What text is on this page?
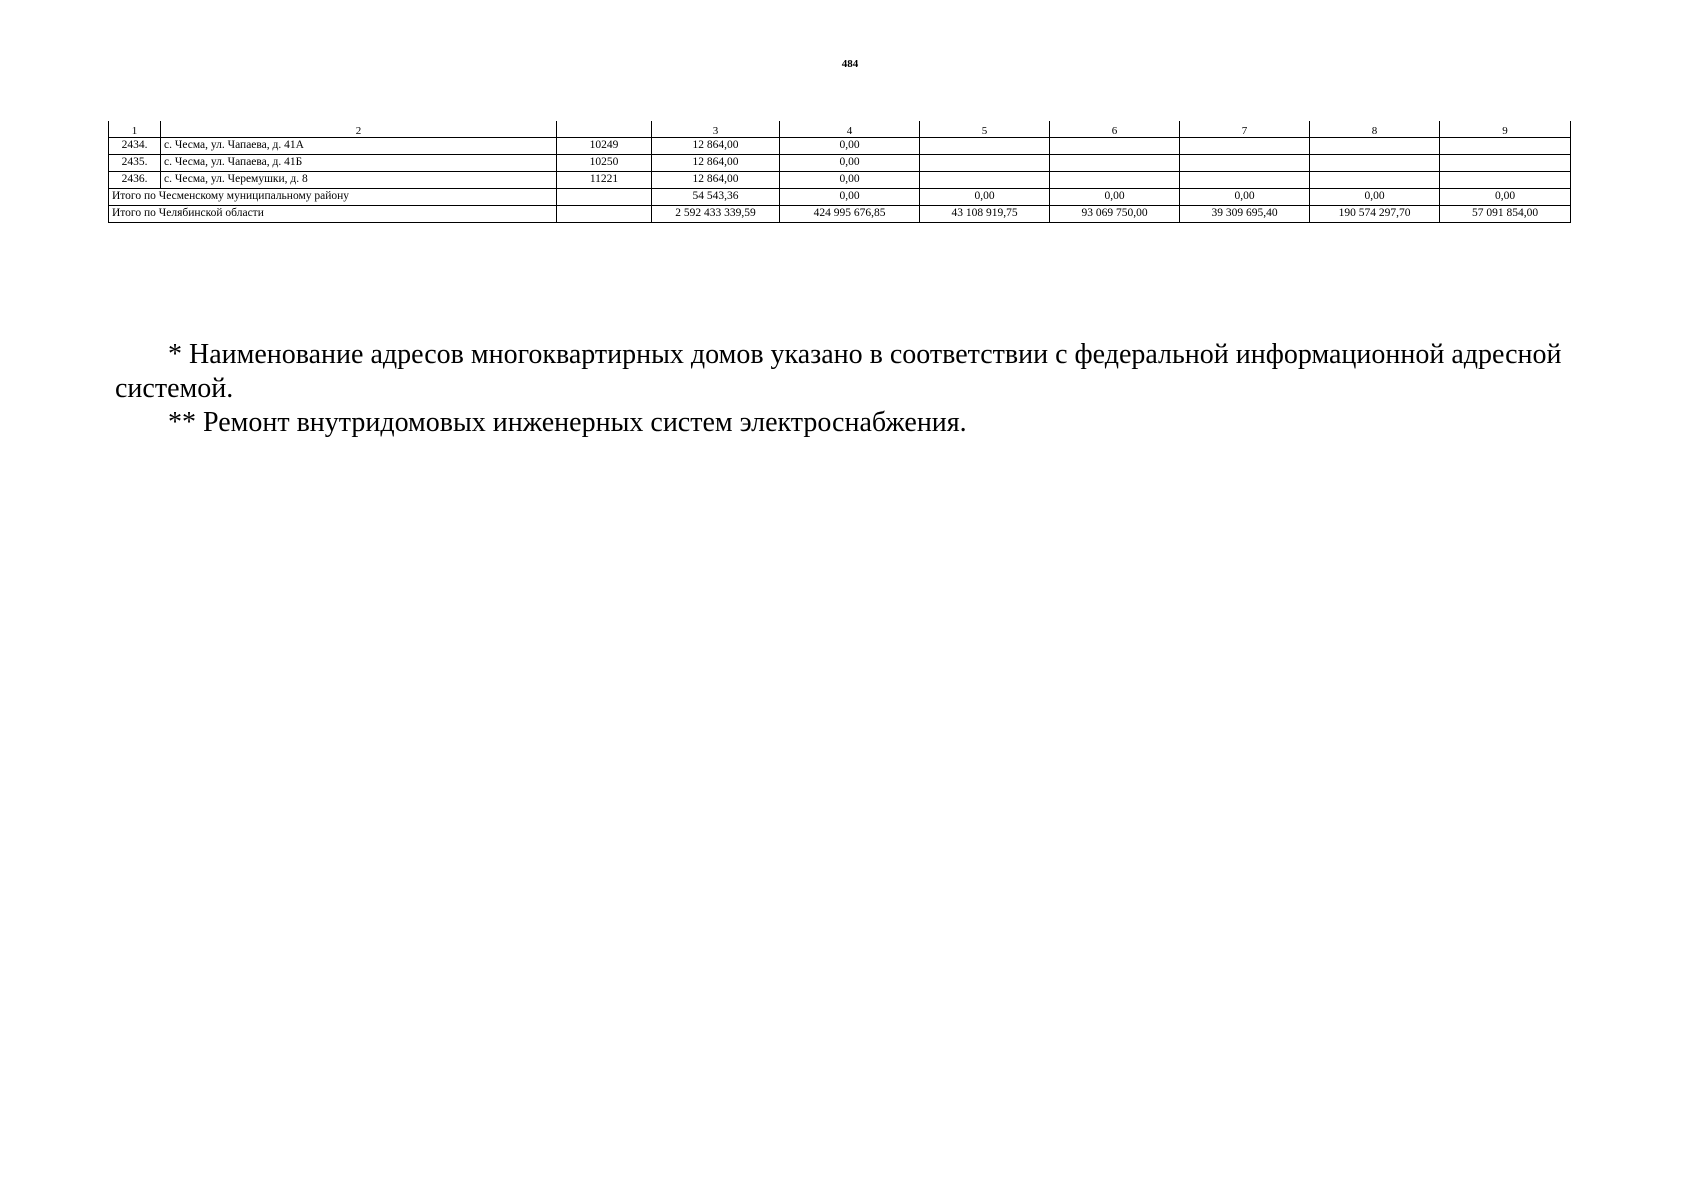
484
1	2		3	4	5	6	7	8	9
2434.	с. Чесма, ул. Чапаева, д. 41А	10249	12 864,00	0,00					
2435.	с. Чесма, ул. Чапаева, д. 41Б	10250	12 864,00	0,00					
2436.	с. Чесма, ул. Черемушки, д. 8	11221	12 864,00	0,00					
Итого по Чесменскому муниципальному району			54 543,36	0,00	0,00	0,00	0,00	0,00	0,00
Итого по Челябинской области			2 592 433 339,59	424 995 676,85	43 108 919,75	93 069 750,00	39 309 695,40	190 574 297,70	57 091 854,00

* Наименование адресов многоквартирных домов указано в соответствии с федеральной информационной адресной системой.

** Ремонт внутридомовых инженерных систем электроснабжения.
